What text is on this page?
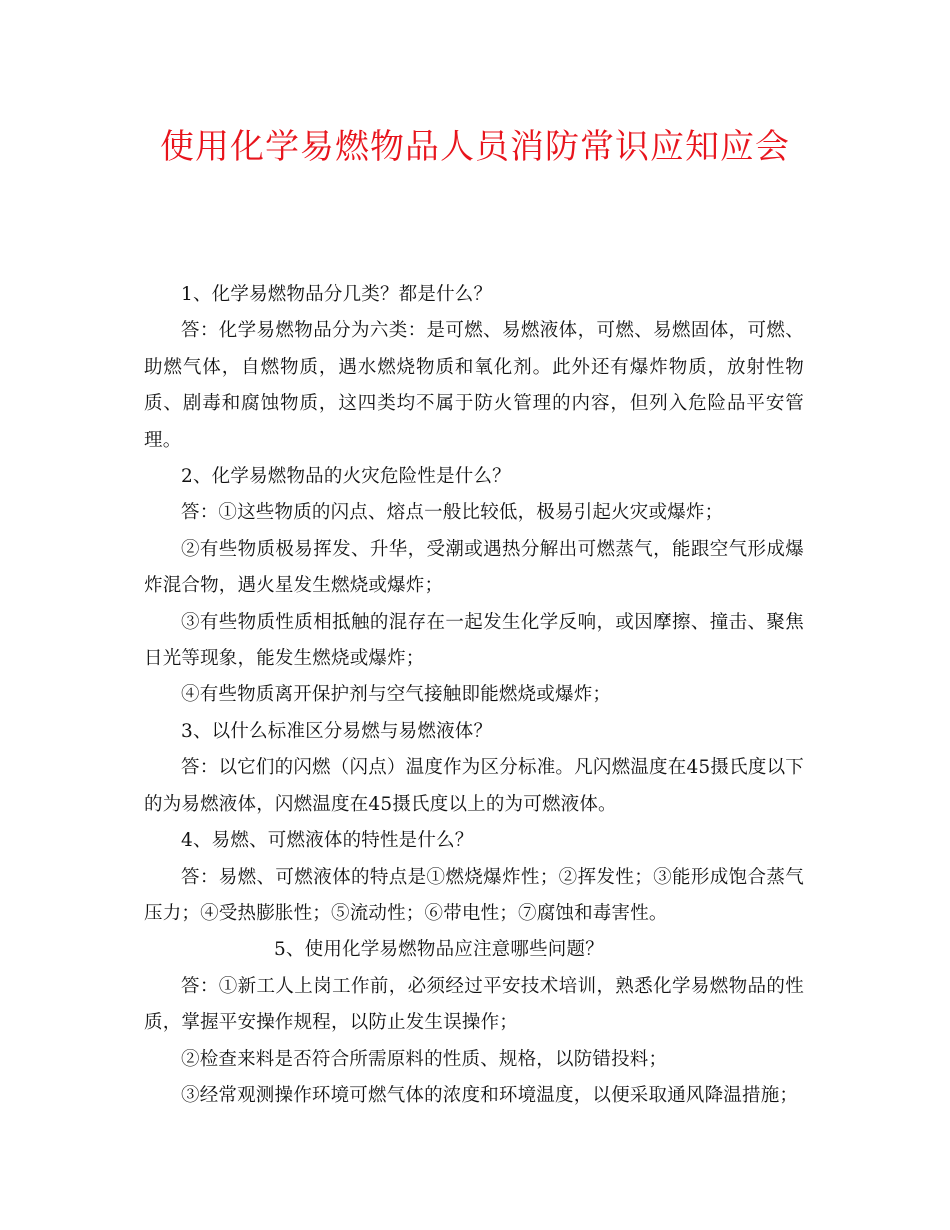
使用化学易燃物品人员消防常识应知应会

1、化学易燃物品分几类？都是什么？

答：化学易燃物品分为六类：是可燃、易燃液体，可燃、易燃固体，可燃、助燃气体，自燃物质，遇水燃烧物质和氧化剂。此外还有爆炸物质，放射性物质、剧毒和腐蚀物质，这四类均不属于防火管理的内容，但列入危险品平安管理。

2、化学易燃物品的火灾危险性是什么？

答：①这些物质的闪点、熔点一般比较低，极易引起火灾或爆炸；

②有些物质极易挥发、升华，受潮或遇热分解出可燃蒸气，能跟空气形成爆炸混合物，遇火星发生燃烧或爆炸；

③有些物质性质相抵触的混存在一起发生化学反响，或因摩擦、撞击、聚焦日光等现象，能发生燃烧或爆炸；

④有些物质离开保护剂与空气接触即能燃烧或爆炸；

3、以什么标准区分易燃与易燃液体？

答：以它们的闪燃（闪点）温度作为区分标准。凡闪燃温度在45摄氏度以下的为易燃液体，闪燃温度在45摄氏度以上的为可燃液体。

4、易燃、可燃液体的特性是什么？

答：易燃、可燃液体的特点是①燃烧爆炸性；②挥发性；③能形成饱合蒸气压力；④受热膨胀性；⑤流动性；⑥带电性；⑦腐蚀和毒害性。

5、使用化学易燃物品应注意哪些问题？

答：①新工人上岗工作前，必须经过平安技术培训，熟悉化学易燃物品的性质，掌握平安操作规程，以防止发生误操作；

②检查来料是否符合所需原料的性质、规格，以防错投料；

③经常观测操作环境可燃气体的浓度和环境温度，以便采取通风降温措施；
